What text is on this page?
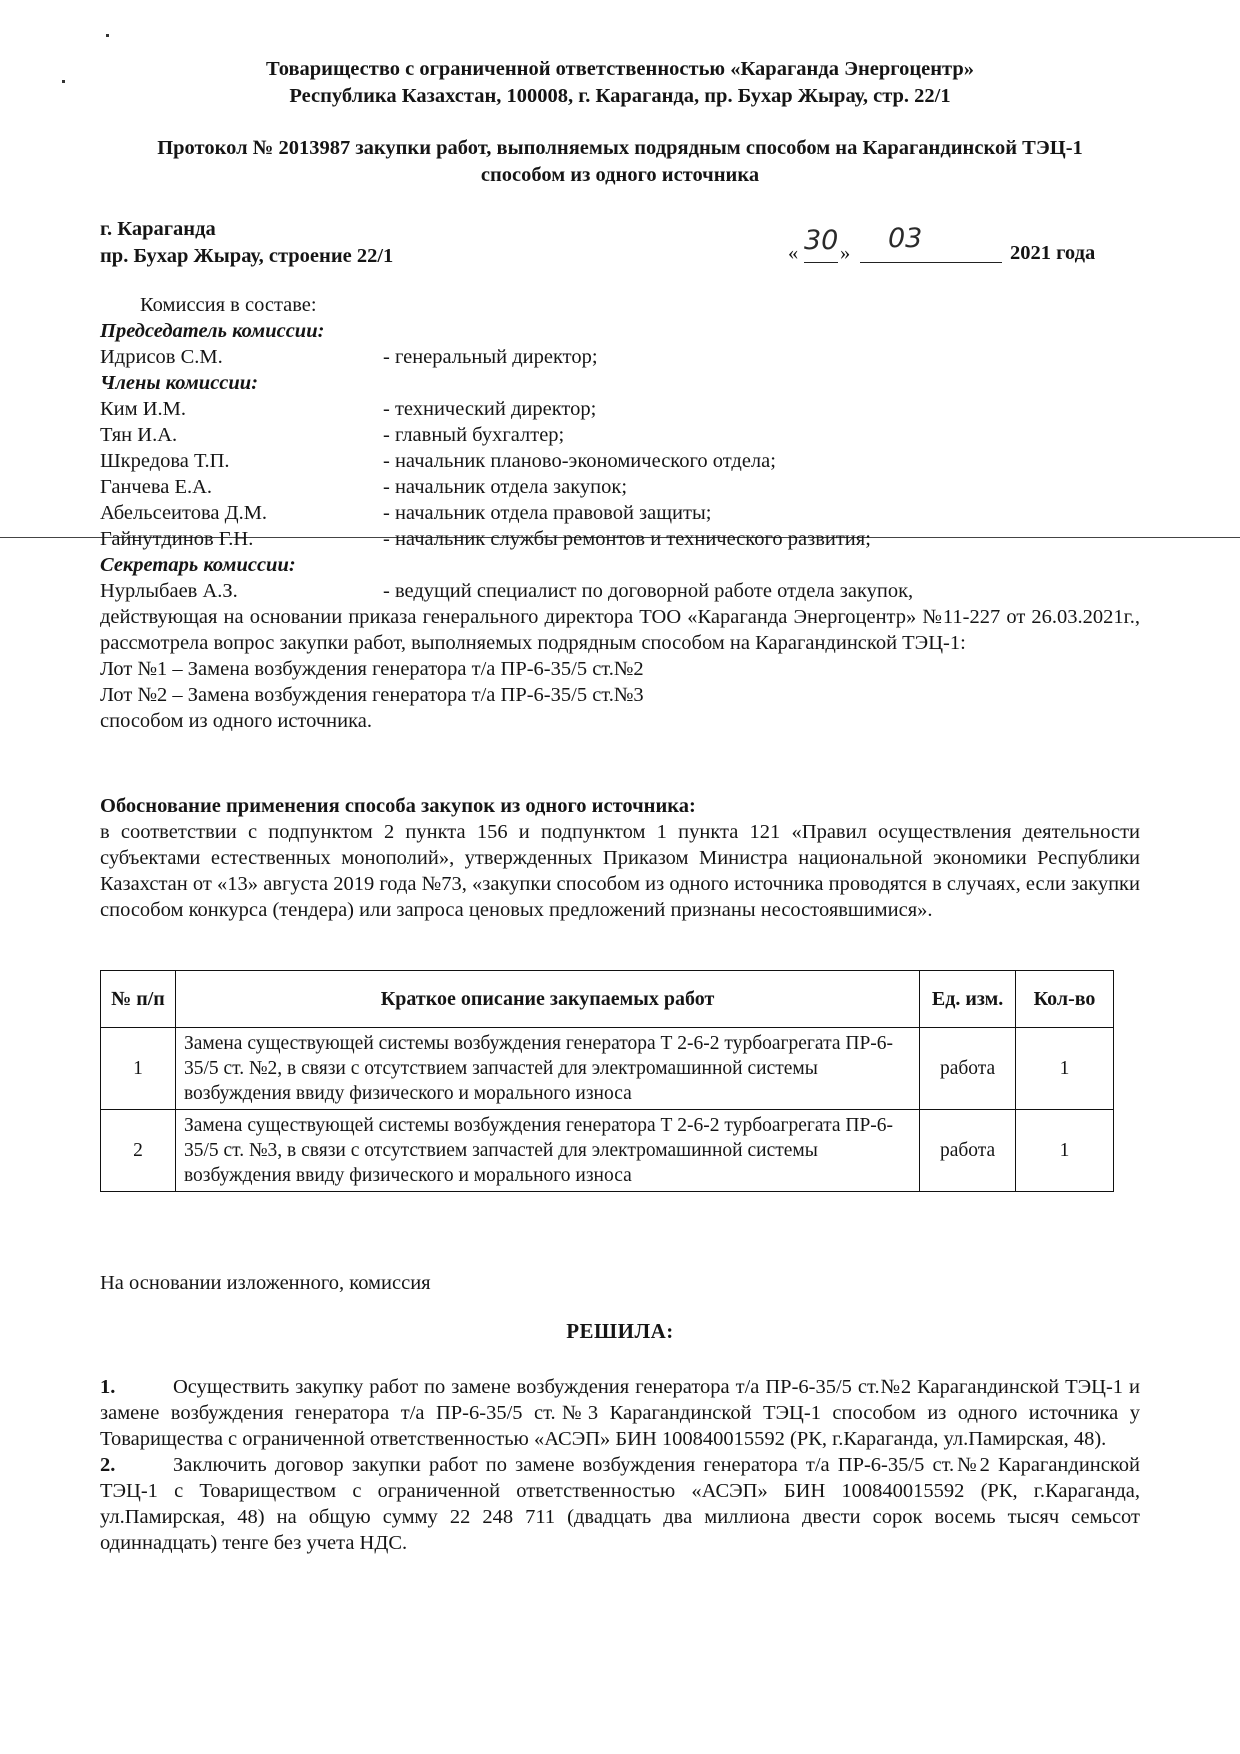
Товарищество с ограниченной ответственностью «Караганда Энергоцентр»
Республика Казахстан, 100008, г. Караганда, пр. Бухар Жырау, стр. 22/1
Протокол № 2013987 закупки работ, выполняемых подрядным способом на Карагандинской ТЭЦ-1
способом из одного источника
г. Караганда
пр. Бухар Жырау, строение 22/1	« 30 » 03	2021 года
Комиссия в составе:
Председатель комиссии:
Идрисов С.М.	- генеральный директор;
Члены комиссии:
Ким И.М.	- технический директор;
Тян И.А.	- главный бухгалтер;
Шкредова Т.П.	- начальник планово-экономического отдела;
Ганчева Е.А.	- начальник отдела закупок;
Абельсеитова Д.М.	- начальник отдела правовой защиты;
Гайнутдинов Г.Н.	- начальник службы ремонтов и технического развития;
Секретарь комиссии:
Нурлыбаев А.З.	- ведущий специалист по договорной работе отдела закупок,

действующая на основании приказа генерального директора ТОО «Караганда Энергоцентр» №11-227 от 26.03.2021г., рассмотрела вопрос закупки работ, выполняемых подрядным способом на Карагандинской ТЭЦ-1:

Лот №1 – Замена возбуждения генератора т/а ПР-6-35/5 ст.№2
Лот №2 – Замена возбуждения генератора т/а ПР-6-35/5 ст.№3
способом из одного источника.
Обоснование применения способа закупок из одного источника:

в соответствии с подпунктом 2 пункта 156 и подпунктом 1 пункта 121 «Правил осуществления деятельности субъектами естественных монополий», утвержденных Приказом Министра национальной экономики Республики Казахстан от «13» августа 2019 года №73, «закупки способом из одного источника проводятся в случаях, если закупки способом конкурса (тендера) или запроса ценовых предложений признаны несостоявшимися».

№ п/п	Краткое описание закупаемых работ	Ед. изм.	Кол-во
1	Замена существующей системы возбуждения генератора Т 2-6-2 турбоагрегата ПР-6-35/5 ст. №2, в связи с отсутствием запчастей для электромашинной системы возбуждения ввиду физического и морального износа	работа	1
2	Замена существующей системы возбуждения генератора Т 2-6-2 турбоагрегата ПР-6-35/5 ст. №3, в связи с отсутствием запчастей для электромашинной системы возбуждения ввиду физического и морального износа	работа	1
На основании изложенного, комиссия
РЕШИЛА:

1.	Осуществить закупку работ по замене возбуждения генератора т/а ПР-6-35/5 ст.№2 Карагандинской ТЭЦ-1 и замене возбуждения генератора т/а ПР-6-35/5 ст.№3 Карагандинской ТЭЦ-1 способом из одного источника у Товарищества с ограниченной ответственностью «АСЭП» БИН 100840015592 (РК, г.Караганда, ул.Памирская, 48).

2.	Заключить договор закупки работ по замене возбуждения генератора т/а ПР-6-35/5 ст.№2 Карагандинской ТЭЦ-1 с Товариществом с ограниченной ответственностью «АСЭП» БИН 100840015592 (РК, г.Караганда, ул.Памирская, 48) на общую сумму 22 248 711 (двадцать два миллиона двести сорок восемь тысяч семьсот одиннадцать) тенге без учета НДС.
